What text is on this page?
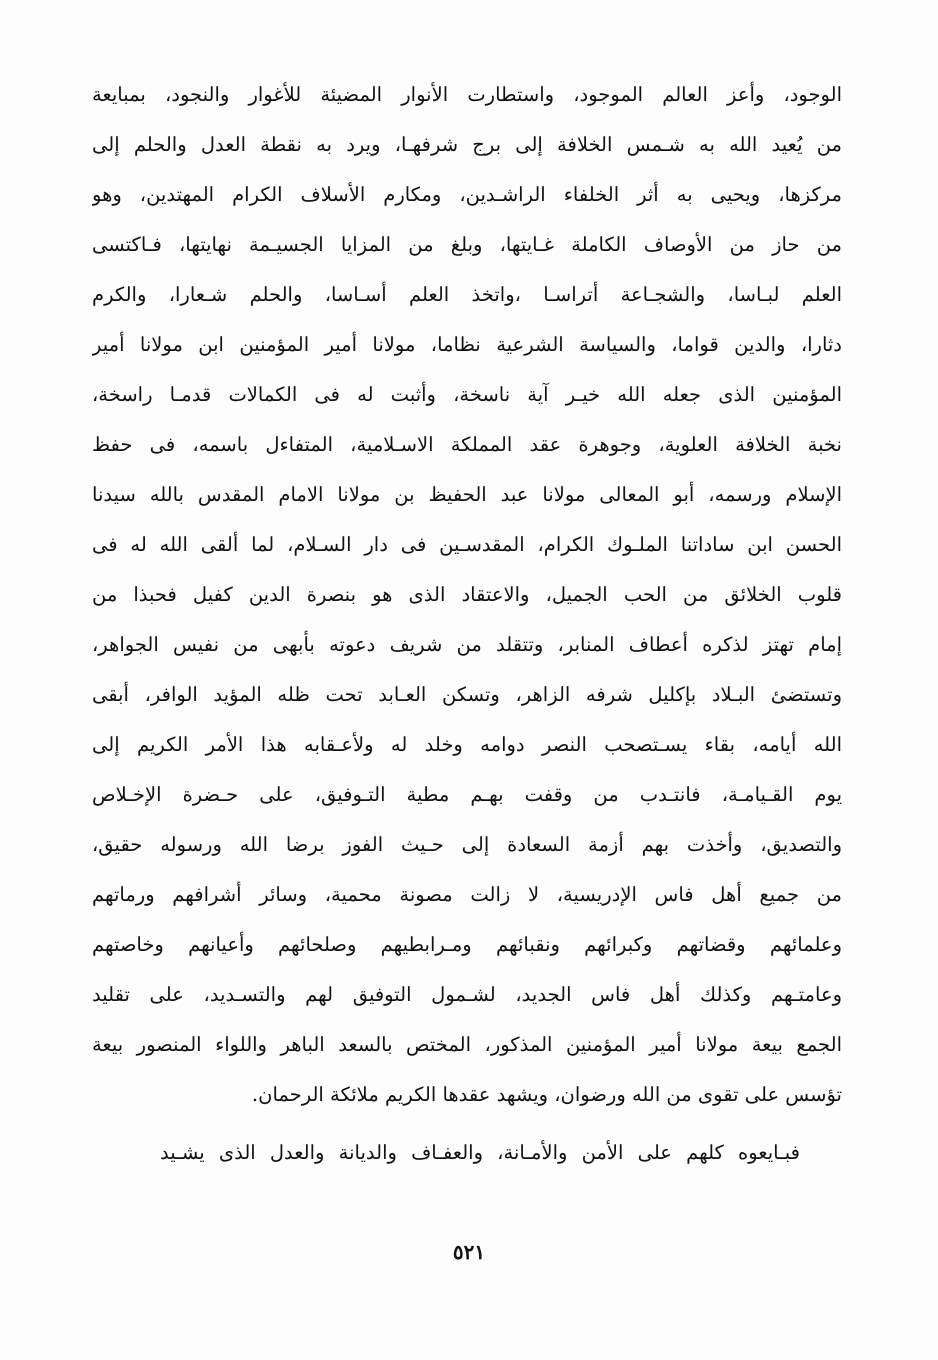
الوجود، وأعز العالم الموجود، واستطارت الأنوار المضيئة للأغوار والنجود، بمبايعة
من يُعيد الله به شـمس الخلافة إلى برج شرفهـا، ويرد به نقطة العدل والحلم إلى
مركزها، ويحيى به أثر الخلفاء الراشـدين، ومكارم الأسلاف الكرام المهتدين، وهو
من حاز من الأوصاف الكاملة غـايتها، وبلغ من المزايا الجسيـمة نهايتها، فـاكتسى
العلم لبـاسا، والشجـاعة أتراسـا ،واتخذ العلم أسـاسا، والحلم شـعارا، والكرم
دثارا، والدين قواما، والسياسة الشرعية نظاما، مولانا أمير المؤمنين ابن مولانا أمير
المؤمنين الذى جعله الله خيـر آية ناسخة، وأثبت له فى الكمالات قدمـا راسخة،
نخبة الخلافة العلوية، وجوهرة عقد المملكة الاسـلامية، المتفاءل باسمه، فى حفظ
الإسلام ورسمه، أبو المعالى مولانا عبد الحفيظ بن مولانا الامام المقدس بالله سيدنا
الحسن ابن ساداتنا الملـوك الكرام، المقدسـين فى دار السـلام، لما ألقى الله له فى
قلوب الخلائق من الحب الجميل، والاعتقاد الذى هو بنصرة الدين كفيل فحبذا من
إمام تهتز لذكره أعطاف المنابر، وتتقلد من شريف دعوته بأبهى من نفيس الجواهر،
وتستضئ البـلاد بإكليل شرفه الزاهر، وتسكن العـابد تحت ظله المؤيد الوافر، أبقى
الله أيامه، بقاء يسـتصحب النصر دوامه وخلد له ولأعـقابه هذا الأمر الكريم إلى
يوم القـيامـة، فانتـدب من وقفت بهـم مطية التـوفيق، على حـضرة الإخـلاص
والتصديق، وأخذت بهم أزمة السعادة إلى حـيث الفوز برضا الله ورسوله حقيق،
من جميع أهل فاس الإدريسية، لا زالت مصونة محمية، وسائر أشرافهم ورماتهم
وعلمائهم وقضاتهم وكبرائهم ونقبائهم ومـرابطيهم وصلحائهم وأعيانهم وخاصتهم
وعامتـهم وكذلك أهل فاس الجديد، لشـمول التوفيق لهم والتسـديد، على تقليد
الجمع بيعة مولانا أمير المؤمنين المذكور، المختص بالسعد الباهر واللواء المنصور بيعة
تؤسس على تقوى من الله ورضوان، ويشهد عقدها الكريم ملائكة الرحمان.
فبـايعوه كلهم على الأمن والأمـانة، والعفـاف والديانة والعدل الذى يشـيد
٥٢١
